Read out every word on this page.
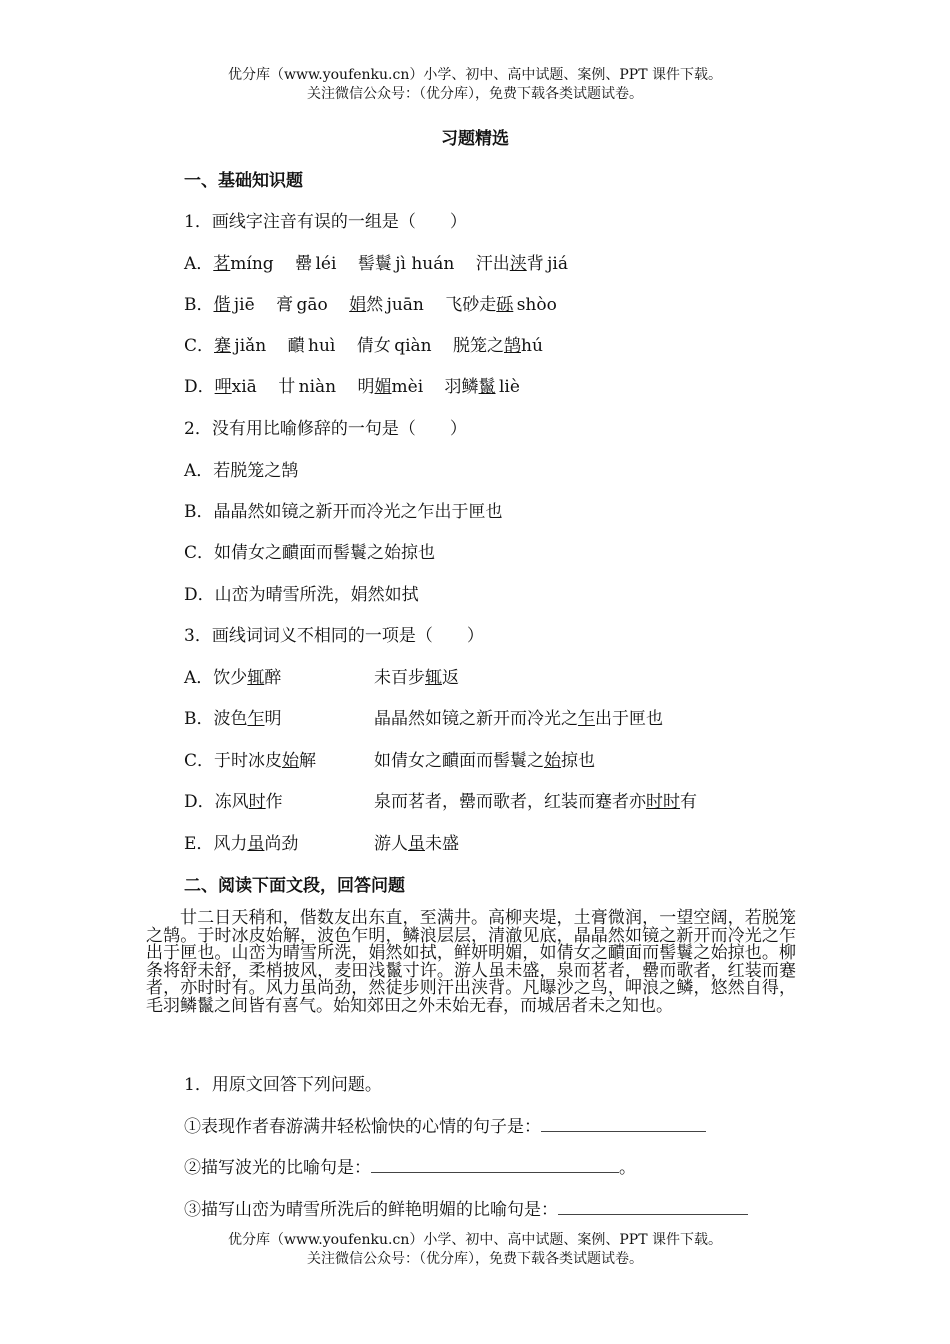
优分库（www.youfenku.cn）小学、初中、高中试题、案例、PPT 课件下载。
关注微信公众号：（优分库），免费下载各类试题试卷。
习题精选
一、基础知识题
1．画线字注音有误的一组是（　　）
A．茗míng 罍  léi 髻鬟  jì huán 汗出浃背  jiá
B．偕  jiē 膏  gāo 娟然  juān 飞砂走砾  shòo
C．蹇  jiǎn 靧  huì 倩女  qiàn 脱笼之鹄hú
D．呷xiā 廿  niàn 明媚mèi 羽鳞鬣  liè
2．没有用比喻修辞的一句是（　　）
A．若脱笼之鹄
B．晶晶然如镜之新开而冷光之乍出于匣也
C．如倩女之靧面而髻鬟之始掠也
D．山峦为晴雪所洗，娟然如拭
3．画线词词义不相同的一项是（　　）
A．饮少辄醉	未百步辄返
B．波色乍明	晶晶然如镜之新开而冷光之乍出于匣也
C．于时冰皮始解	如倩女之靧面而髻鬟之始掠也
D．冻风时作	泉而茗者，罍而歌者，红装而蹇者亦时时有
E．风力虽尚劲	游人虽未盛
二、阅读下面文段，回答问题
廿二日天稍和，偕数友出东直，至满井。高柳夹堤，土膏微润，一望空阔，若脱笼之鹄。于时冰皮始解，波色乍明，鳞浪层层，清澈见底，晶晶然如镜之新开而冷光之乍出于匣也。山峦为晴雪所洗，娟然如拭，鲜妍明媚，如倩女之靧面而髻鬟之始掠也。柳条将舒未舒，柔梢披风，麦田浅鬣寸许。游人虽未盛，泉而茗者，罍而歌者，红装而蹇者，亦时时有。风力虽尚劲，然徒步则汗出浃背。凡曝沙之鸟，呷浪之鳞，悠然自得，毛羽鳞鬣之间皆有喜气。始知郊田之外未始无春，而城居者未之知也。
1．用原文回答下列问题。
①表现作者春游满井轻松愉快的心情的句子是：
②描写波光的比喻句是：	。
③描写山峦为晴雪所洗后的鲜艳明媚的比喻句是：
优分库（www.youfenku.cn）小学、初中、高中试题、案例、PPT 课件下载。
关注微信公众号：（优分库），免费下载各类试题试卷。
